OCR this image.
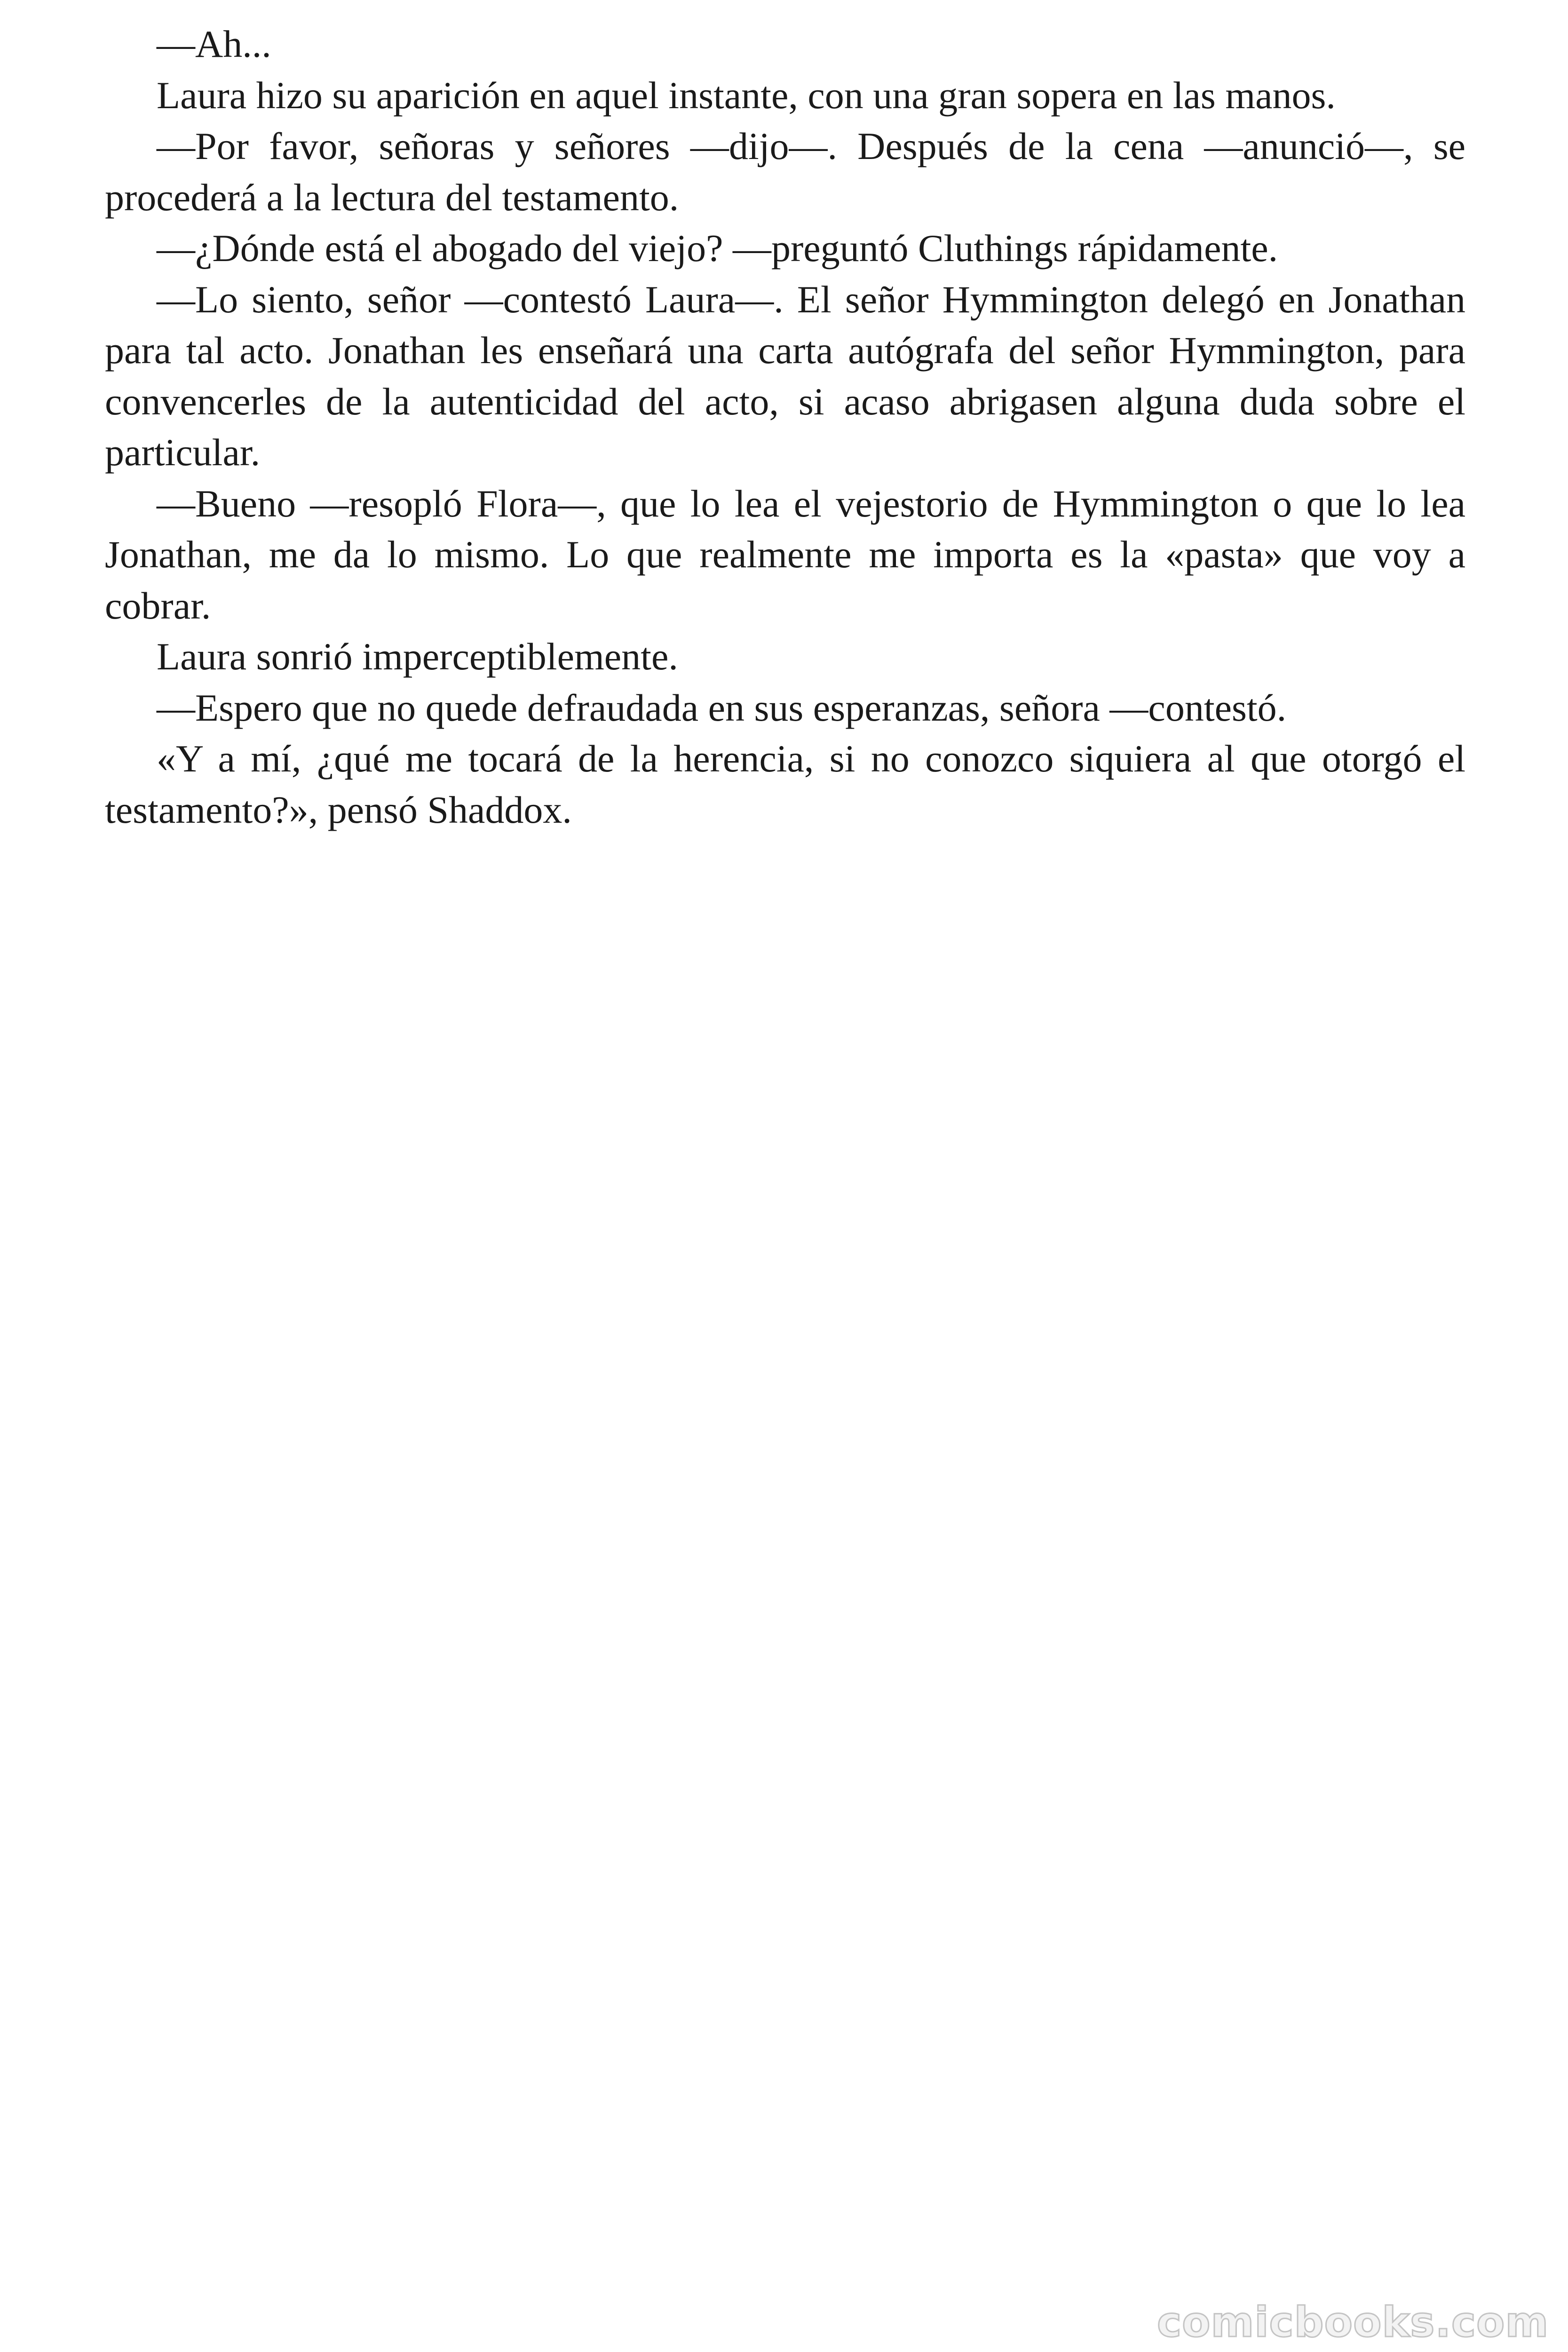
—Ah...

Laura hizo su aparición en aquel instante, con una gran sopera en las manos.

—Por favor, señoras y señores —dijo—. Después de la cena —anunció—, se procederá a la lectura del testamento.

—¿Dónde está el abogado del viejo? —preguntó Cluthings rápidamente.

—Lo siento, señor —contestó Laura—. El señor Hymmington delegó en Jonathan para tal acto. Jonathan les enseñará una carta autógrafa del señor Hymmington, para convencerles de la autenticidad del acto, si acaso abrigasen alguna duda sobre el particular.

—Bueno —resopló Flora—, que lo lea el vejestorio de Hymmington o que lo lea Jonathan, me da lo mismo. Lo que realmente me importa es la «pasta» que voy a cobrar.

Laura sonrió imperceptiblemente.

—Espero que no quede defraudada en sus esperanzas, señora —contestó.

«Y a mí, ¿qué me tocará de la herencia, si no conozco siquiera al que otorgó el testamento?», pensó Shaddox.

comicbooks.com
